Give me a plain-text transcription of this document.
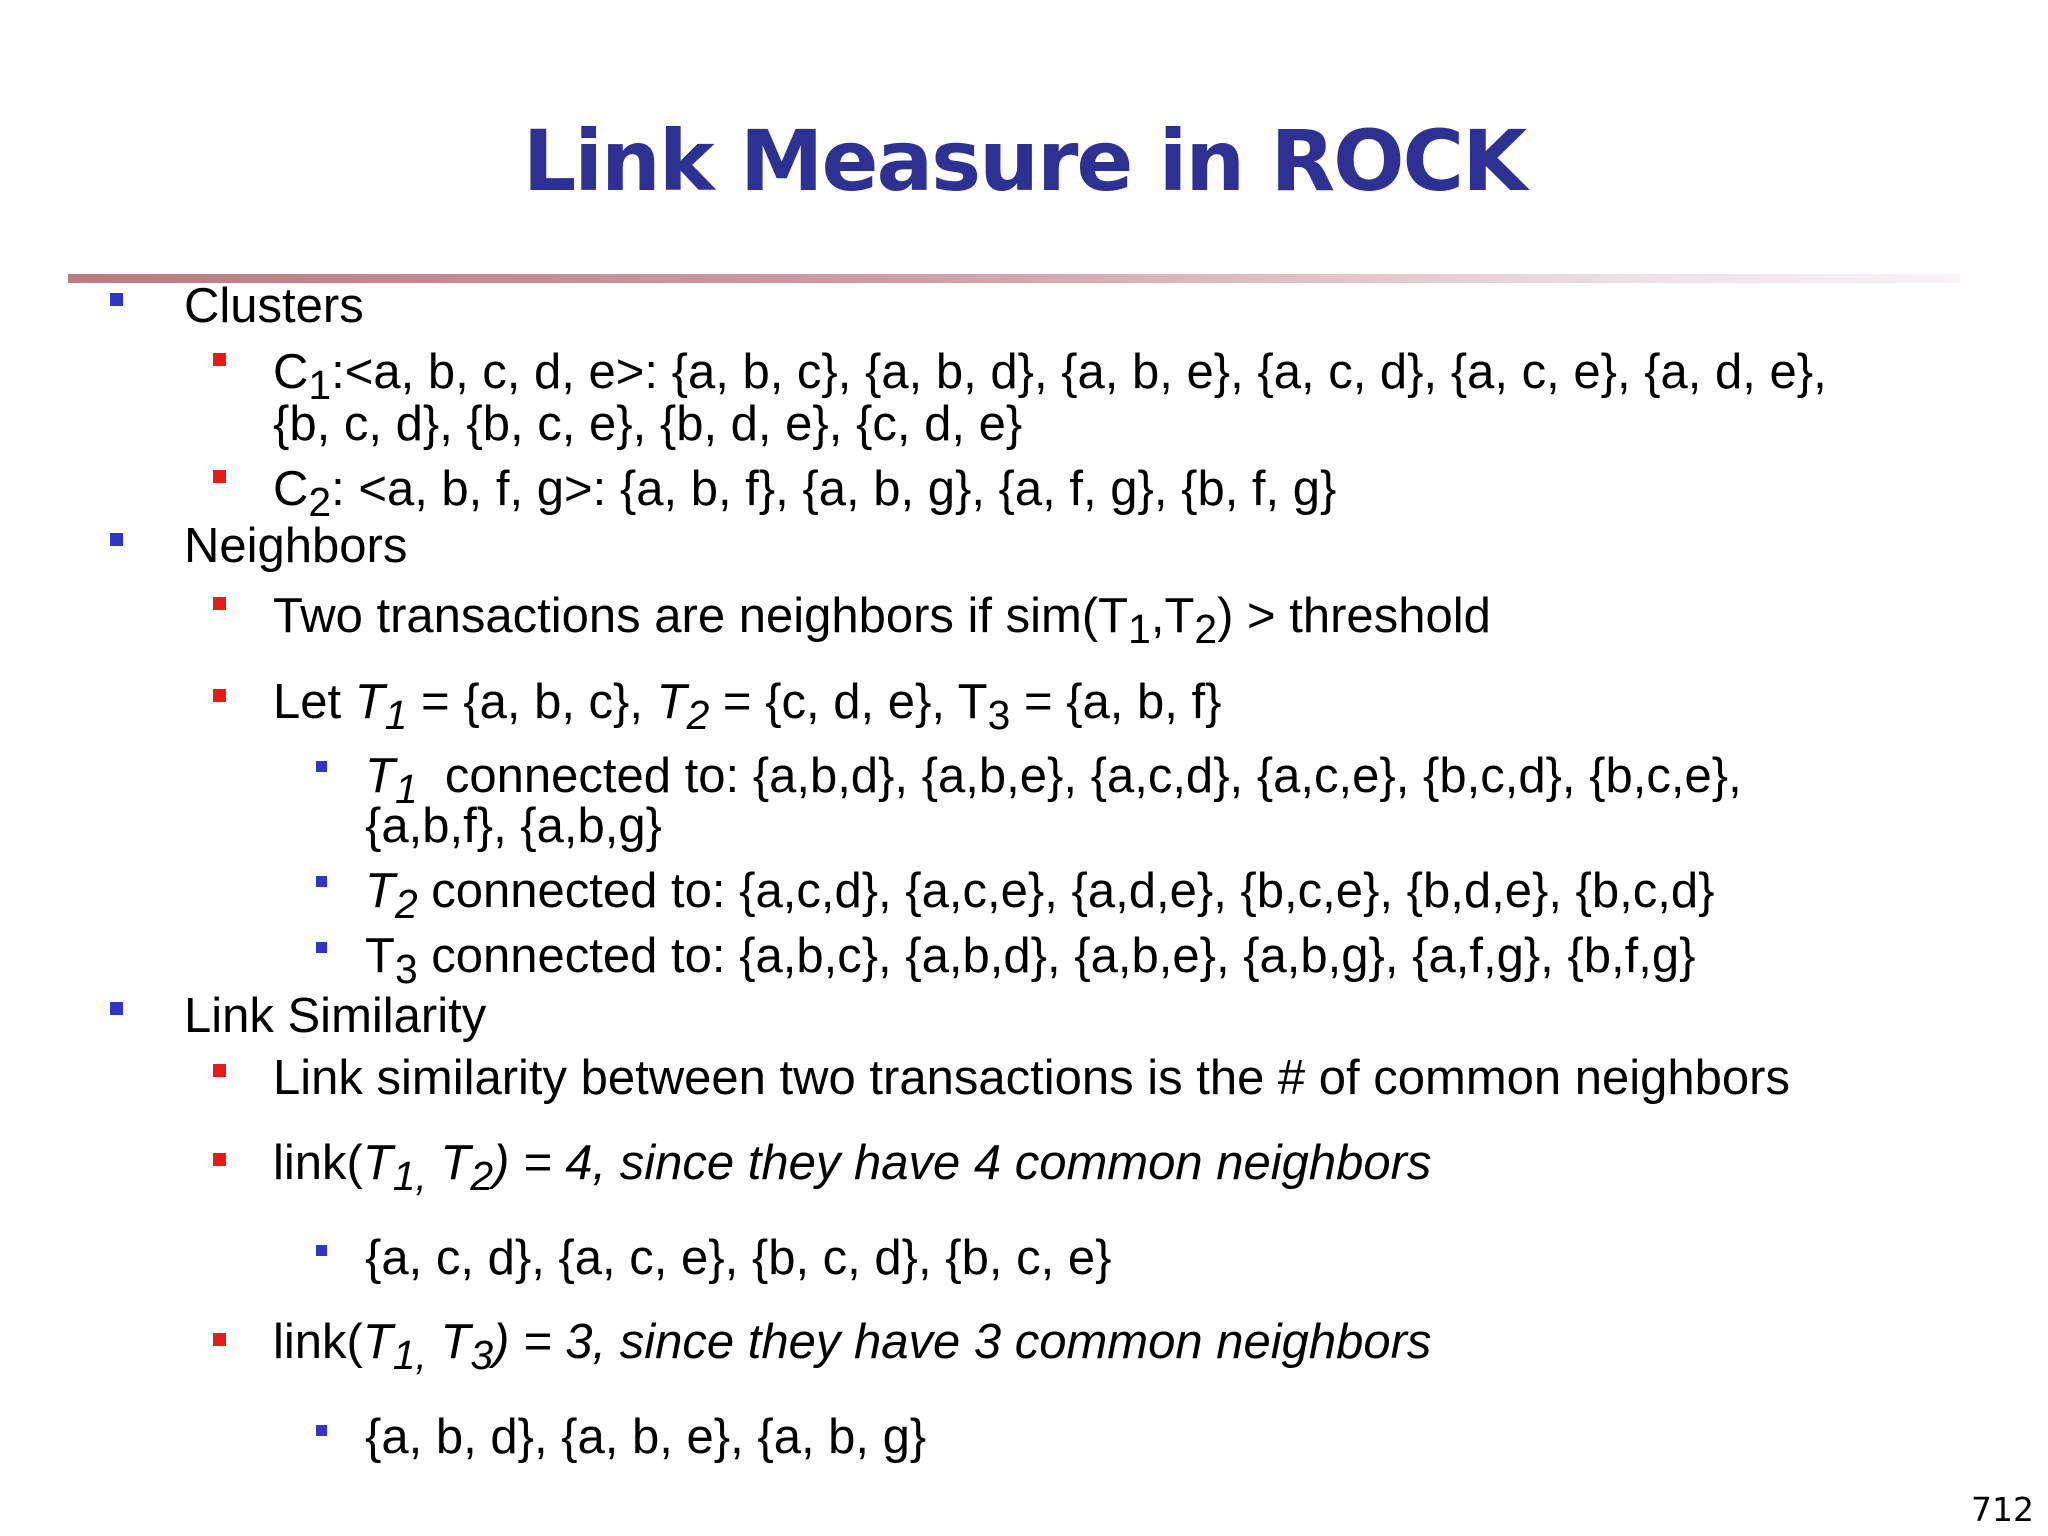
Link Measure in ROCK
Clusters
$C_1:<a$, b, c, d, e>: {a, b, c}, {a, b, d}, {a, b, e}, {a, c, d}, {a, c, e}, {a, d, e},
{b, c, d}, {b, c, e}, {b, d, e}, {c, d, e}
$C_2$: <a, b, f, g>: {a, b, f}, {a, b, g}, {a, f, g}, {b, f, g}
Neighbors
Two transactions are neighbors if $sim(T_1,T_2)$ > threshold
Let $T_1 = \{a$, b, c}, $T_2 = \{c$, d, e}, $T_3 = \{a$, b, f}
$T_1$  connected to: {a,b,d}, {a,b,e}, {a,c,d}, {a,c,e}, {b,c,d}, {b,c,e},
{a,b,f}, {a,b,g}
$T_2$ connected to: {a,c,d}, {a,c,e}, {a,d,e}, {b,c,e}, {b,d,e}, {b,c,d}
$T_3$ connected to: {a,b,c}, {a,b,d}, {a,b,e}, {a,b,g}, {a,f,g}, {b,f,g}
Link Similarity
Link similarity between two transactions is the # of common neighbors
$link(T_{1,}$ $T_2) = 4$, since they have 4 common neighbors
{a, c, d}, {a, c, e}, {b, c, d}, {b, c, e}
$link(T_{1,}$ $T_3) = 3$, since they have 3 common neighbors
{a, b, d}, {a, b, e}, {a, b, g}
712
